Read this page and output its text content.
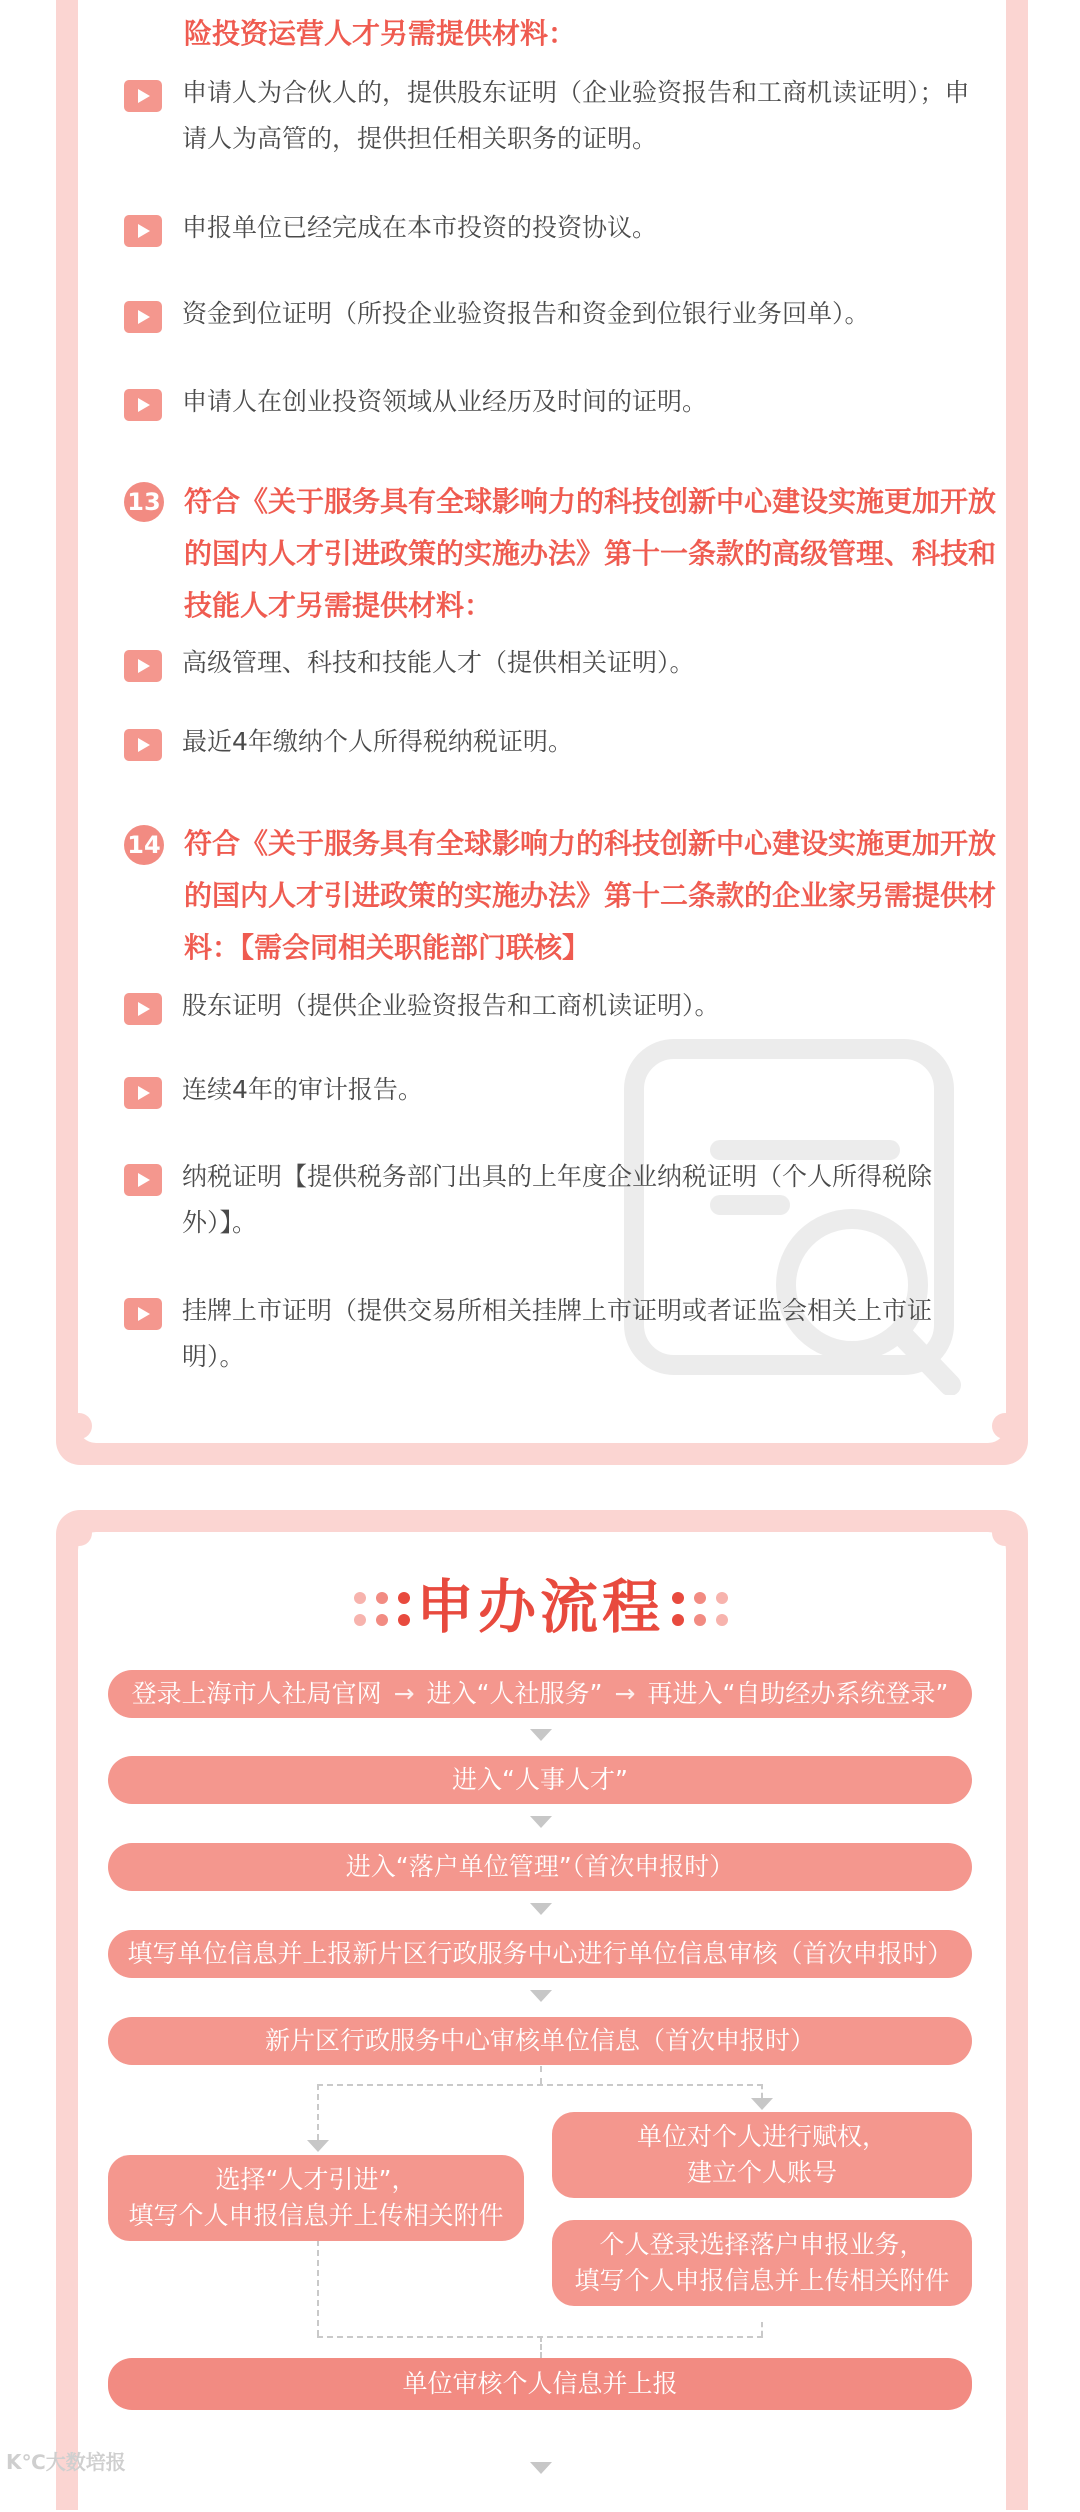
险投资运营人才另需提供材料：
申请人为合伙人的，提供股东证明（企业验资报告和工商机读证明）；申请人为高管的，提供担任相关职务的证明。
申报单位已经完成在本市投资的投资协议。
资金到位证明（所投企业验资报告和资金到位银行业务回单）。
申请人在创业投资领域从业经历及时间的证明。
13 符合《关于服务具有全球影响力的科技创新中心建设实施更加开放的国内人才引进政策的实施办法》第十一条款的高级管理、科技和技能人才另需提供材料：
高级管理、科技和技能人才（提供相关证明）。
最近4年缴纳个人所得税纳税证明。
14 符合《关于服务具有全球影响力的科技创新中心建设实施更加开放的国内人才引进政策的实施办法》第十二条款的企业家另需提供材料：【需会同相关职能部门联核】
股东证明（提供企业验资报告和工商机读证明）。
连续4年的审计报告。
纳税证明【提供税务部门出具的上年度企业纳税证明（个人所得税除外）】。
挂牌上市证明（提供交易所相关挂牌上市证明或者证监会相关上市证明）。
申办流程
登录上海市人社局官网 → 进入“人社服务” → 再进入“自助经办系统登录”
进入“人事人才”
进入“落户单位管理”（首次申报时）
填写单位信息并上报新片区行政服务中心进行单位信息审核（首次申报时）
新片区行政服务中心审核单位信息（首次申报时）
选择“人才引进”，
填写个人申报信息并上传相关附件
单位对个人进行赋权，
建立个人账号
个人登录选择落户申报业务，
填写个人申报信息并上传相关附件
单位审核个人信息并上报
K℃大数培报
